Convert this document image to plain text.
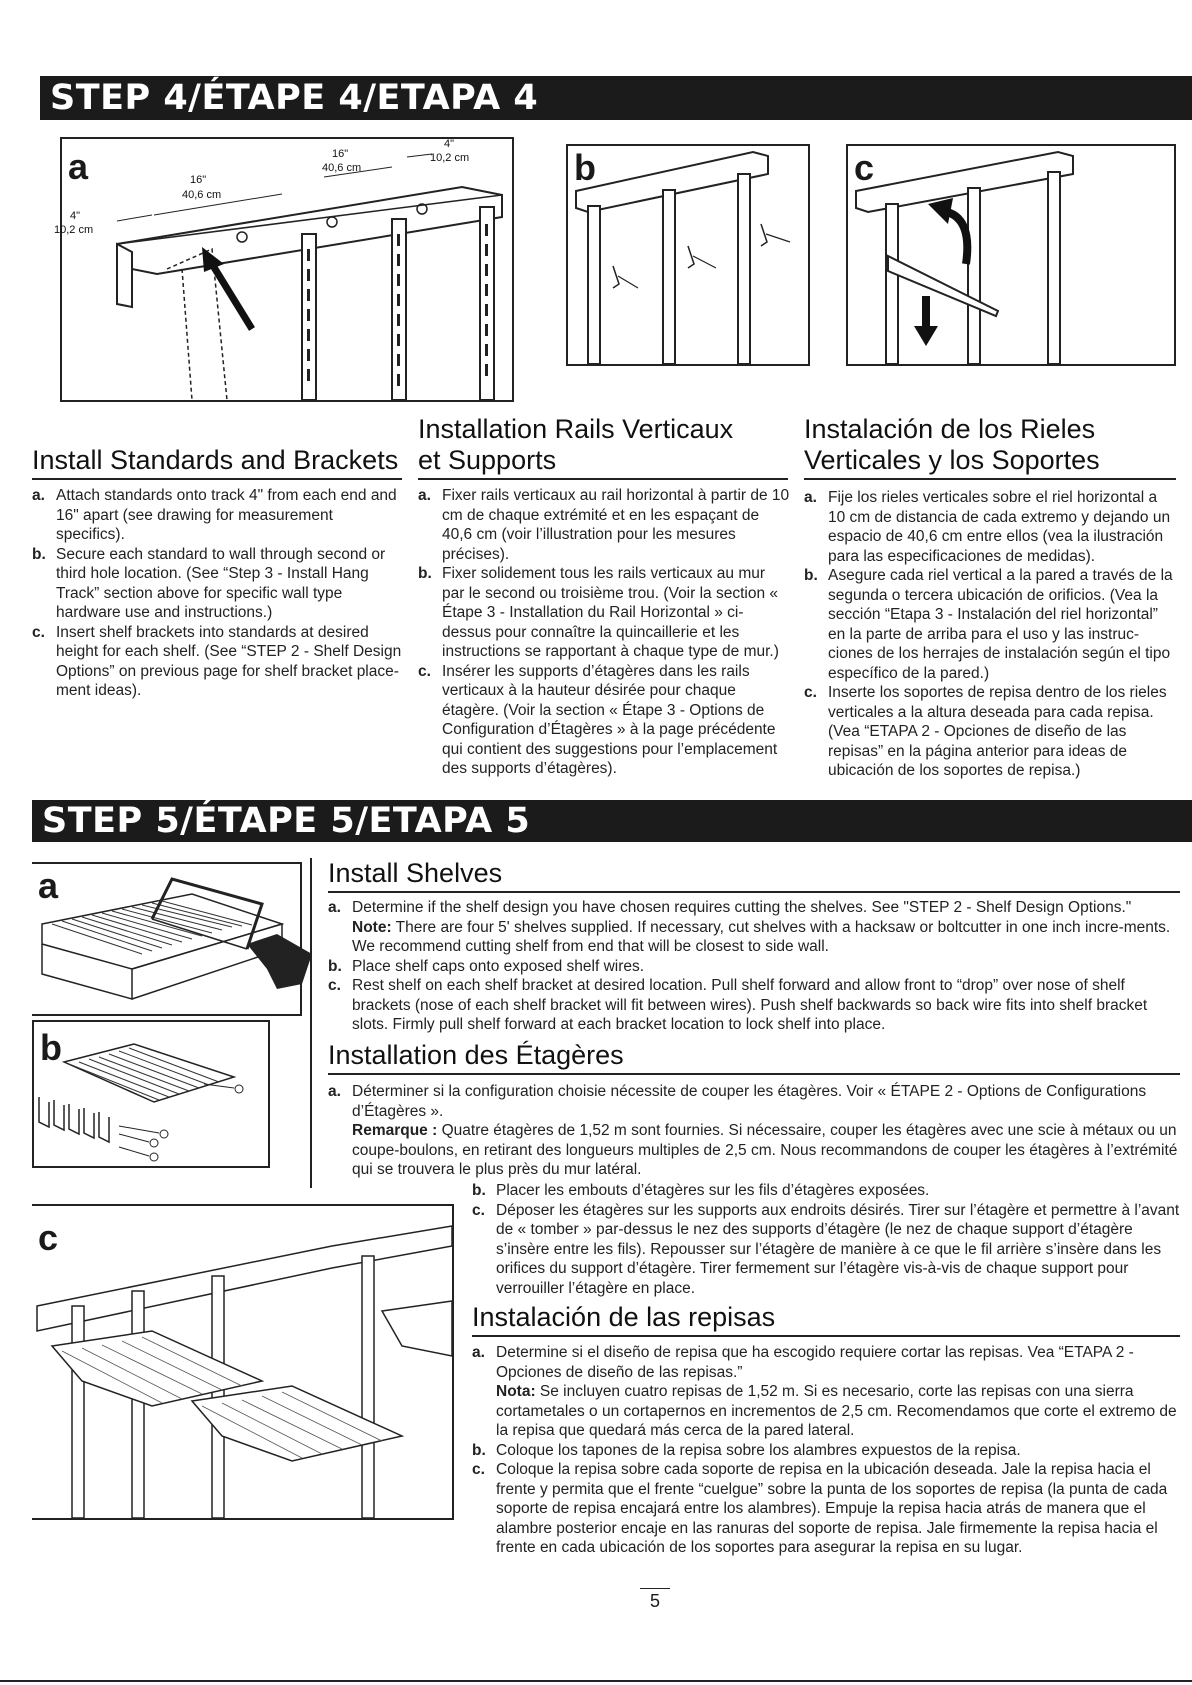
STEP 4/ÉTAPE 4/ETAPA 4
a
4"
10,2 cm
16"
40,6 cm
16"
40,6 cm
4"
10,2 cm	b	c
Install Standards and Brackets
Installation Rails Verticaux
et Supports
Instalación de los Rieles
Verticales y los Soportes
a. Attach standards onto track 4" from each end and 16" apart (see drawing for measurement specifics).
b. Secure each standard to wall through second or third hole location. (See “Step 3 - Install Hang Track” section above for specific wall type hardware use and instructions.)
c. Insert shelf brackets into standards at desired height for each shelf. (See “STEP 2 - Shelf Design Options” on previous page for shelf bracket place-ment ideas).
a. Fixer rails verticaux au rail horizontal à partir de 10 cm de chaque extrémité et en les espaçant de 40,6 cm (voir l’illustration pour les mesures précises).
b. Fixer solidement tous les rails verticaux au mur par le second ou troisième trou. (Voir la section « Étape 3 - Installation du Rail Horizontal » ci-dessus pour connaître la quincaillerie et les instructions se rapportant à chaque type de mur.)
c. Insérer les supports d’étagères dans les rails verticaux à la hauteur désirée pour chaque étagère. (Voir la section « Étape 3 - Options de Configuration d’Étagères » à la page précédente qui contient des suggestions pour l’emplacement des supports d’étagères).
a. Fije los rieles verticales sobre el riel horizontal a 10 cm de distancia de cada extremo y dejando un espacio de 40,6 cm entre ellos (vea la ilustración para las especificaciones de medidas).
b. Asegure cada riel vertical a la pared a través de la segunda o tercera ubicación de orificios. (Vea la sección “Etapa 3 - Instalación del riel horizontal” en la parte de arriba para el uso y las instruc-ciones de los herrajes de instalación según el tipo específico de la pared.)
c. Inserte los soportes de repisa dentro de los rieles verticales a la altura deseada para cada repisa. (Vea “ETAPA 2 - Opciones de diseño de las repisas” en la página anterior para ideas de ubicación de los soportes de repisa.)
STEP 5/ÉTAPE 5/ETAPA 5
a
b
c
Install Shelves
a. Determine if the shelf design you have chosen requires cutting the shelves. See "STEP 2 - Shelf Design Options."
Note: There are four 5' shelves supplied. If necessary, cut shelves with a hacksaw or boltcutter in one inch incre-ments. We recommend cutting shelf from end that will be closest to side wall.
b. Place shelf caps onto exposed shelf wires.
c. Rest shelf on each shelf bracket at desired location. Pull shelf forward and allow front to “drop” over nose of shelf brackets (nose of each shelf bracket will fit between wires). Push shelf backwards so back wire fits into shelf bracket slots. Firmly pull shelf forward at each bracket location to lock shelf into place.
Installation des Étagères
a. Déterminer si la configuration choisie nécessite de couper les étagères. Voir « ÉTAPE 2 - Options de Configurations d’Étagères ».
Remarque : Quatre étagères de 1,52 m sont fournies. Si nécessaire, couper les étagères avec une scie à métaux ou un coupe-boulons, en retirant des longueurs multiples de 2,5 cm. Nous recommandons de couper les étagères à l’extrémité qui se trouvera le plus près du mur latéral.
b. Placer les embouts d’étagères sur les fils d’étagères exposées.
c. Déposer les étagères sur les supports aux endroits désirés. Tirer sur l’étagère et permettre à l’avant de « tomber » par-dessus le nez des supports d’étagère (le nez de chaque support d’étagère s’insère entre les fils). Repousser sur l’étagère de manière à ce que le fil arrière s’insère dans les orifices du support d’étagère. Tirer fermement sur l’étagère vis-à-vis de chaque support pour verrouiller l’étagère en place.
Instalación de las repisas
a. Determine si el diseño de repisa que ha escogido requiere cortar las repisas. Vea “ETAPA 2 - Opciones de diseño de las repisas.”
Nota: Se incluyen cuatro repisas de 1,52 m. Si es necesario, corte las repisas con una sierra cortametales o un cortapernos en incrementos de 2,5 cm. Recomendamos que corte el extremo de la repisa que quedará más cerca de la pared lateral.
b. Coloque los tapones de la repisa sobre los alambres expuestos de la repisa.
c. Coloque la repisa sobre cada soporte de repisa en la ubicación deseada. Jale la repisa hacia el frente y permita que el frente “cuelgue” sobre la punta de los soportes de repisa (la punta de cada soporte de repisa encajará entre los alambres). Empuje la repisa hacia atrás de manera que el alambre posterior encaje en las ranuras del soporte de repisa. Jale firmemente la repisa hacia el frente en cada ubicación de los soportes para asegurar la repisa en su lugar.
5
